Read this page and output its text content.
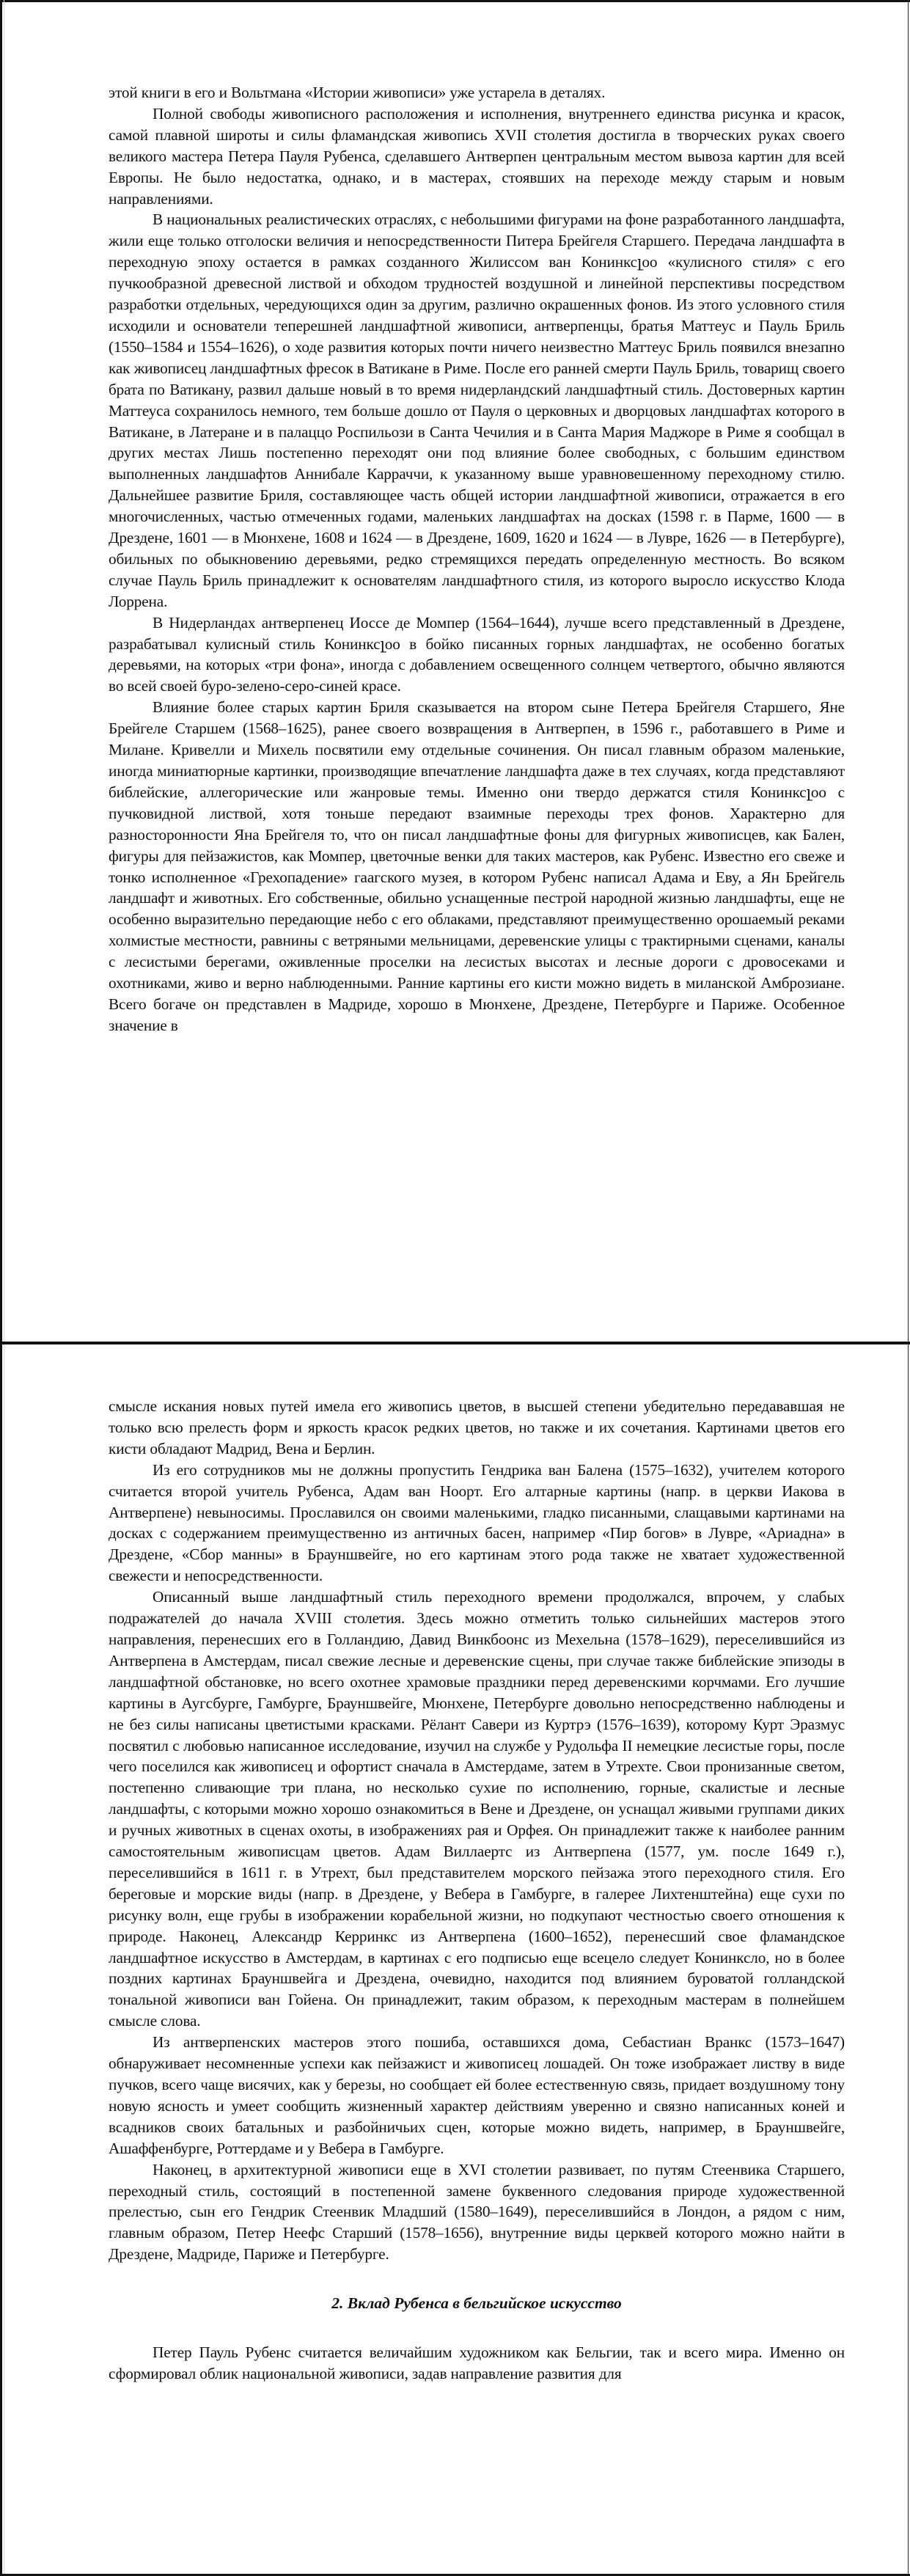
этой книги в его и Вольтмана «Истории живописи» уже устарела в деталях.

Полной свободы живописного расположения и исполнения, внутреннего единства рисунка и красок, самой плавной широты и силы фламандская живопись XVII столетия достигла в творческих руках своего великого мастера Петера Пауля Рубенса, сделавшего Антверпен центральным местом вывоза картин для всей Европы. Не было недостатка, однако, и в мастерах, стоявших на переходе между старым и новым направлениями.

В национальных реалистических отраслях, с небольшими фигурами на фоне разработанного ландшафта, жили еще только отголоски величия и непосредственности Питера Брейгеля Старшего. Передача ландшафта в переходную эпоху остается в рамках созданного Жилиссом ван Конинксլоо «кулисного стиля» с его пучкообразной древесной листвой и обходом трудностей воздушной и линейной перспективы посредством разработки отдельных, чередующихся один за другим, различно окрашенных фонов. Из этого условного стиля исходили и основатели теперешней ландшафтной живописи, антверпенцы, братья Маттеус и Пауль Бриль (1550–1584 и 1554–1626), о ходе развития которых почти ничего неизвестно Маттеус Бриль появился внезапно как живописец ландшафтных фресок в Ватикане в Риме. После его ранней смерти Пауль Бриль, товарищ своего брата по Ватикану, развил дальше новый в то время нидерландский ландшафтный стиль. Достоверных картин Маттеуса сохранилось немного, тем больше дошло от Пауля о церковных и дворцовых ландшафтах которого в Ватикане, в Латеране и в палаццо Роспильози в Санта Чечилия и в Санта Мария Маджоре в Риме я сообщал в других местах Лишь постепенно переходят они под влияние более свободных, с большим единством выполненных ландшафтов Аннибале Карраччи, к указанному выше уравновешенному переходному стилю. Дальнейшее развитие Бриля, составляющее часть общей истории ландшафтной живописи, отражается в его многочисленных, частью отмеченных годами, маленьких ландшафтах на досках (1598 г. в Парме, 1600 — в Дрездене, 1601 — в Мюнхене, 1608 и 1624 — в Дрездене, 1609, 1620 и 1624 — в Лувре, 1626 — в Петербурге), обильных по обыкновению деревьями, редко стремящихся передать определенную местность. Во всяком случае Пауль Бриль принадлежит к основателям ландшафтного стиля, из которого выросло искусство Клода Лоррена.

В Нидерландах антверпенец Иоссе де Момпер (1564–1644), лучше всего представленный в Дрездене, разрабатывал кулисный стиль Конинксլоо в бойко писанных горных ландшафтах, не особенно богатых деревьями, на которых «три фона», иногда с добавлением освещенного солнцем четвертого, обычно являются во всей своей буро-зелено-серо-синей красе.

Влияние более старых картин Бриля сказывается на втором сыне Петера Брейгеля Старшего, Яне Брейгеле Старшем (1568–1625), ранее своего возвращения в Антверпен, в 1596 г., работавшего в Риме и Милане. Кривелли и Михель посвятили ему отдельные сочинения. Он писал главным образом маленькие, иногда миниатюрные картинки, производящие впечатление ландшафта даже в тех случаях, когда представляют библейские, аллегорические или жанровые темы. Именно они твердо держатся стиля Конинксլоо с пучковидной листвой, хотя тоньше передают взаимные переходы трех фонов. Характерно для разносторонности Яна Брейгеля то, что он писал ландшафтные фоны для фигурных живописцев, как Бален, фигуры для пейзажистов, как Момпер, цветочные венки для таких мастеров, как Рубенс. Известно его свеже и тонко исполненное «Грехопадение» гаагского музея, в котором Рубенс написал Адама и Еву, а Ян Брейгель ландшафт и животных. Его собственные, обильно уснащенные пестрой народной жизнью ландшафты, еще не особенно выразительно передающие небо с его облаками, представляют преимущественно орошаемый реками холмистые местности, равнины с ветряными мельницами, деревенские улицы с трактирными сценами, каналы с лесистыми берегами, оживленные проселки на лесистых высотах и лесные дороги с дровосеками и охотниками, живо и верно наблюденными. Ранние картины его кисти можно видеть в миланской Амброзиане. Всего богаче он представлен в Мадриде, хорошо в Мюнхене, Дрездене, Петербурге и Париже. Особенное значение в

смысле искания новых путей имела его живопись цветов, в высшей степени убедительно передававшая не только всю прелесть форм и яркость красок редких цветов, но также и их сочетания. Картинами цветов его кисти обладают Мадрид, Вена и Берлин.

Из его сотрудников мы не должны пропустить Гендрика ван Балена (1575–1632), учителем которого считается второй учитель Рубенса, Адам ван Ноорт. Его алтарные картины (напр. в церкви Иакова в Антверпене) невыносимы. Прославился он своими маленькими, гладко писанными, слащавыми картинами на досках с содержанием преимущественно из античных басен, например «Пир богов» в Лувре, «Ариадна» в Дрездене, «Сбор манны» в Брауншвейге, но его картинам этого рода также не хватает художественной свежести и непосредственности.

Описанный выше ландшафтный стиль переходного времени продолжался, впрочем, у слабых подражателей до начала XVIII столетия. Здесь можно отметить только сильнейших мастеров этого направления, перенесших его в Голландию, Давид Винкбоонс из Мехельна (1578–1629), переселившийся из Антверпена в Амстердам, писал свежие лесные и деревенские сцены, при случае также библейские эпизоды в ландшафтной обстановке, но всего охотнее храмовые праздники перед деревенскими корчмами. Его лучшие картины в Аугсбурге, Гамбурге, Брауншвейге, Мюнхене, Петербурге довольно непосредственно наблюдены и не без силы написаны цветистыми красками. Рёлант Савери из Куртрэ (1576–1639), которому Курт Эразмус посвятил с любовью написанное исследование, изучил на службе у Рудольфа II немецкие лесистые горы, после чего поселился как живописец и офортист сначала в Амстердаме, затем в Утрехте. Свои пронизанные светом, постепенно сливающие три плана, но несколько сухие по исполнению, горные, скалистые и лесные ландшафты, с которыми можно хорошо ознакомиться в Вене и Дрездене, он уснащал живыми группами диких и ручных животных в сценах охоты, в изображениях рая и Орфея. Он принадлежит также к наиболее ранним самостоятельным живописцам цветов. Адам Виллаертс из Антверпена (1577, ум. после 1649 г.), переселившийся в 1611 г. в Утрехт, был представителем морского пейзажа этого переходного стиля. Его береговые и морские виды (напр. в Дрездене, у Вебера в Гамбурге, в галерее Лихтенштейна) еще сухи по рисунку волн, еще грубы в изображении корабельной жизни, но подкупают честностью своего отношения к природе. Наконец, Александр Керринкс из Антверпена (1600–1652), перенесший свое фламандское ландшафтное искусство в Амстердам, в картинах с его подписью еще всецело следует Конинксло, но в более поздних картинах Брауншвейга и Дрездена, очевидно, находится под влиянием буроватой голландской тональной живописи ван Гойена. Он принадлежит, таким образом, к переходным мастерам в полнейшем смысле слова.

Из антверпенских мастеров этого пошиба, оставшихся дома, Себастиан Вранкс (1573–1647) обнаруживает несомненные успехи как пейзажист и живописец лошадей. Он тоже изображает листву в виде пучков, всего чаще висячих, как у березы, но сообщает ей более естественную связь, придает воздушному тону новую ясность и умеет сообщить жизненный характер действиям уверенно и связно написанных коней и всадников своих батальных и разбойничьих сцен, которые можно видеть, например, в Брауншвейге, Ашаффенбурге, Роттердаме и у Вебера в Гамбурге.

Наконец, в архитектурной живописи еще в XVI столетии развивает, по путям Стеенвика Старшего, переходный стиль, состоящий в постепенной замене буквенного следования природе художественной прелестью, сын его Гендрик Стеенвик Младший (1580–1649), переселившийся в Лондон, а рядом с ним, главным образом, Петер Неефс Старший (1578–1656), внутренние виды церквей которого можно найти в Дрездене, Мадриде, Париже и Петербурге.

2. Вклад Рубенса в бельгийское искусство

Петер Пауль Рубенс считается величайшим художником как Бельгии, так и всего мира. Именно он сформировал облик национальной живописи, задав направление развития для
